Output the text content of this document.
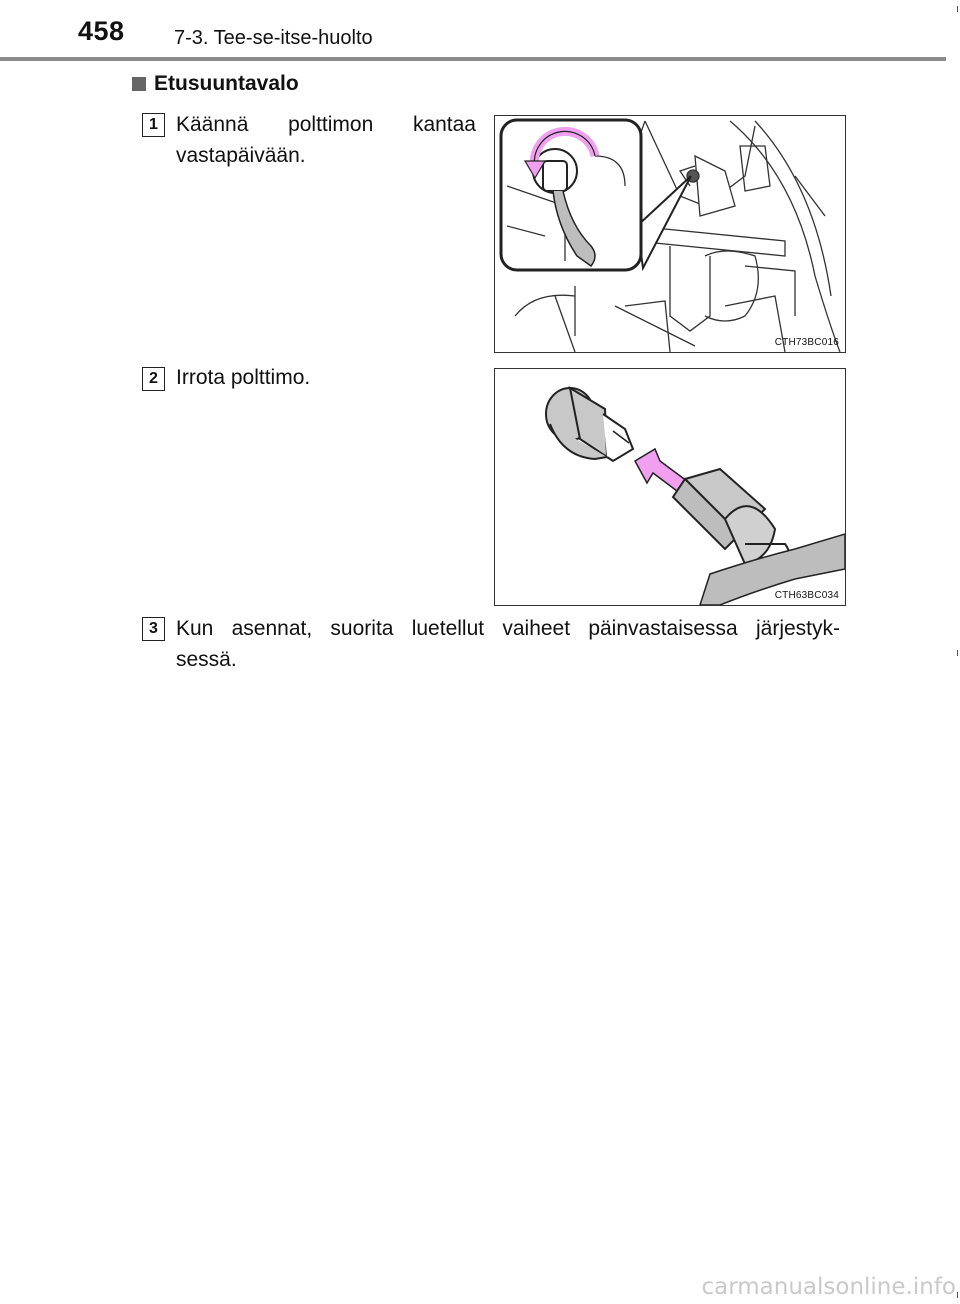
458 7-3. Tee-se-itse-huolto
Etusuuntavalo
1 Käännä polttimon kantaa
vastapäivään.
CTH73BC016
2 Irrota polttimo.
CTH63BC034
3 Kun asennat, suorita luetellut vaiheet päinvastaisessa järjestyk-
sessä.
carmanualsonline.info
